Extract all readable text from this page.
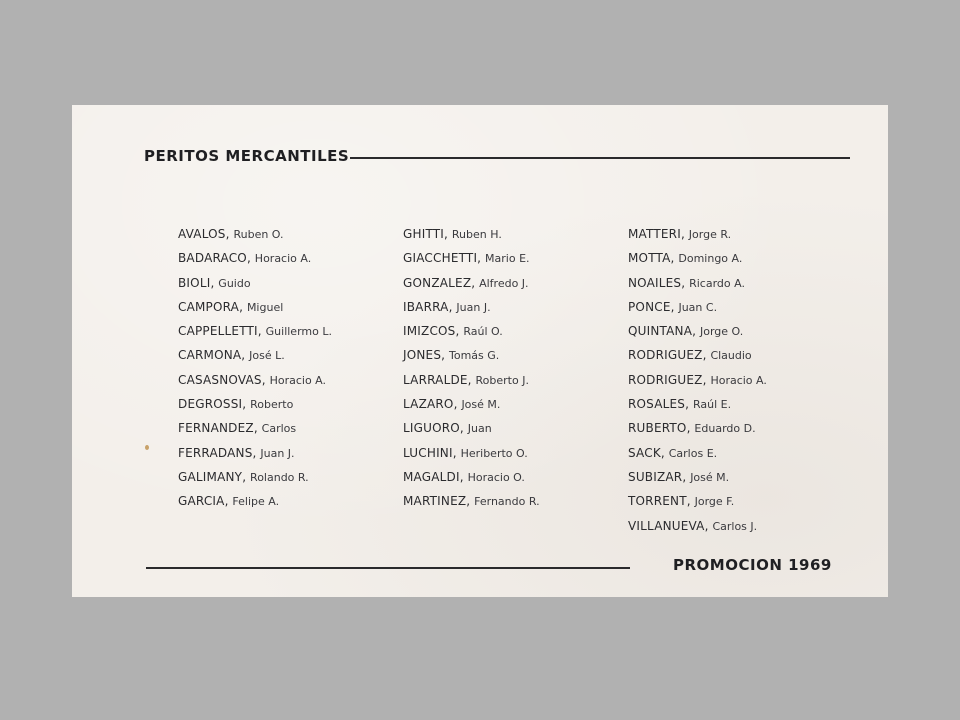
PERITOS MERCANTILES
AVALOS, Ruben O.
BADARACO, Horacio A.
BIOLI, Guido
CAMPORA, Miguel
CAPPELLETTI, Guillermo L.
CARMONA, José L.
CASASNOVAS, Horacio A.
DEGROSSI, Roberto
FERNANDEZ, Carlos
FERRADANS, Juan J.
GALIMANY, Rolando R.
GARCIA, Felipe A.
GHITTI, Ruben H.
GIACCHETTI, Mario E.
GONZALEZ, Alfredo J.
IBARRA, Juan J.
IMIZCOS, Raúl O.
JONES, Tomás G.
LARRALDE, Roberto J.
LAZARO, José M.
LIGUORO, Juan
LUCHINI, Heriberto O.
MAGALDI, Horacio O.
MARTINEZ, Fernando R.
MATTERI, Jorge R.
MOTTA, Domingo A.
NOAILES, Ricardo A.
PONCE, Juan C.
QUINTANA, Jorge O.
RODRIGUEZ, Claudio
RODRIGUEZ, Horacio A.
ROSALES, Raúl E.
RUBERTO, Eduardo D.
SACK, Carlos E.
SUBIZAR, José M.
TORRENT, Jorge F.
VILLANUEVA, Carlos J.
PROMOCION 1969
